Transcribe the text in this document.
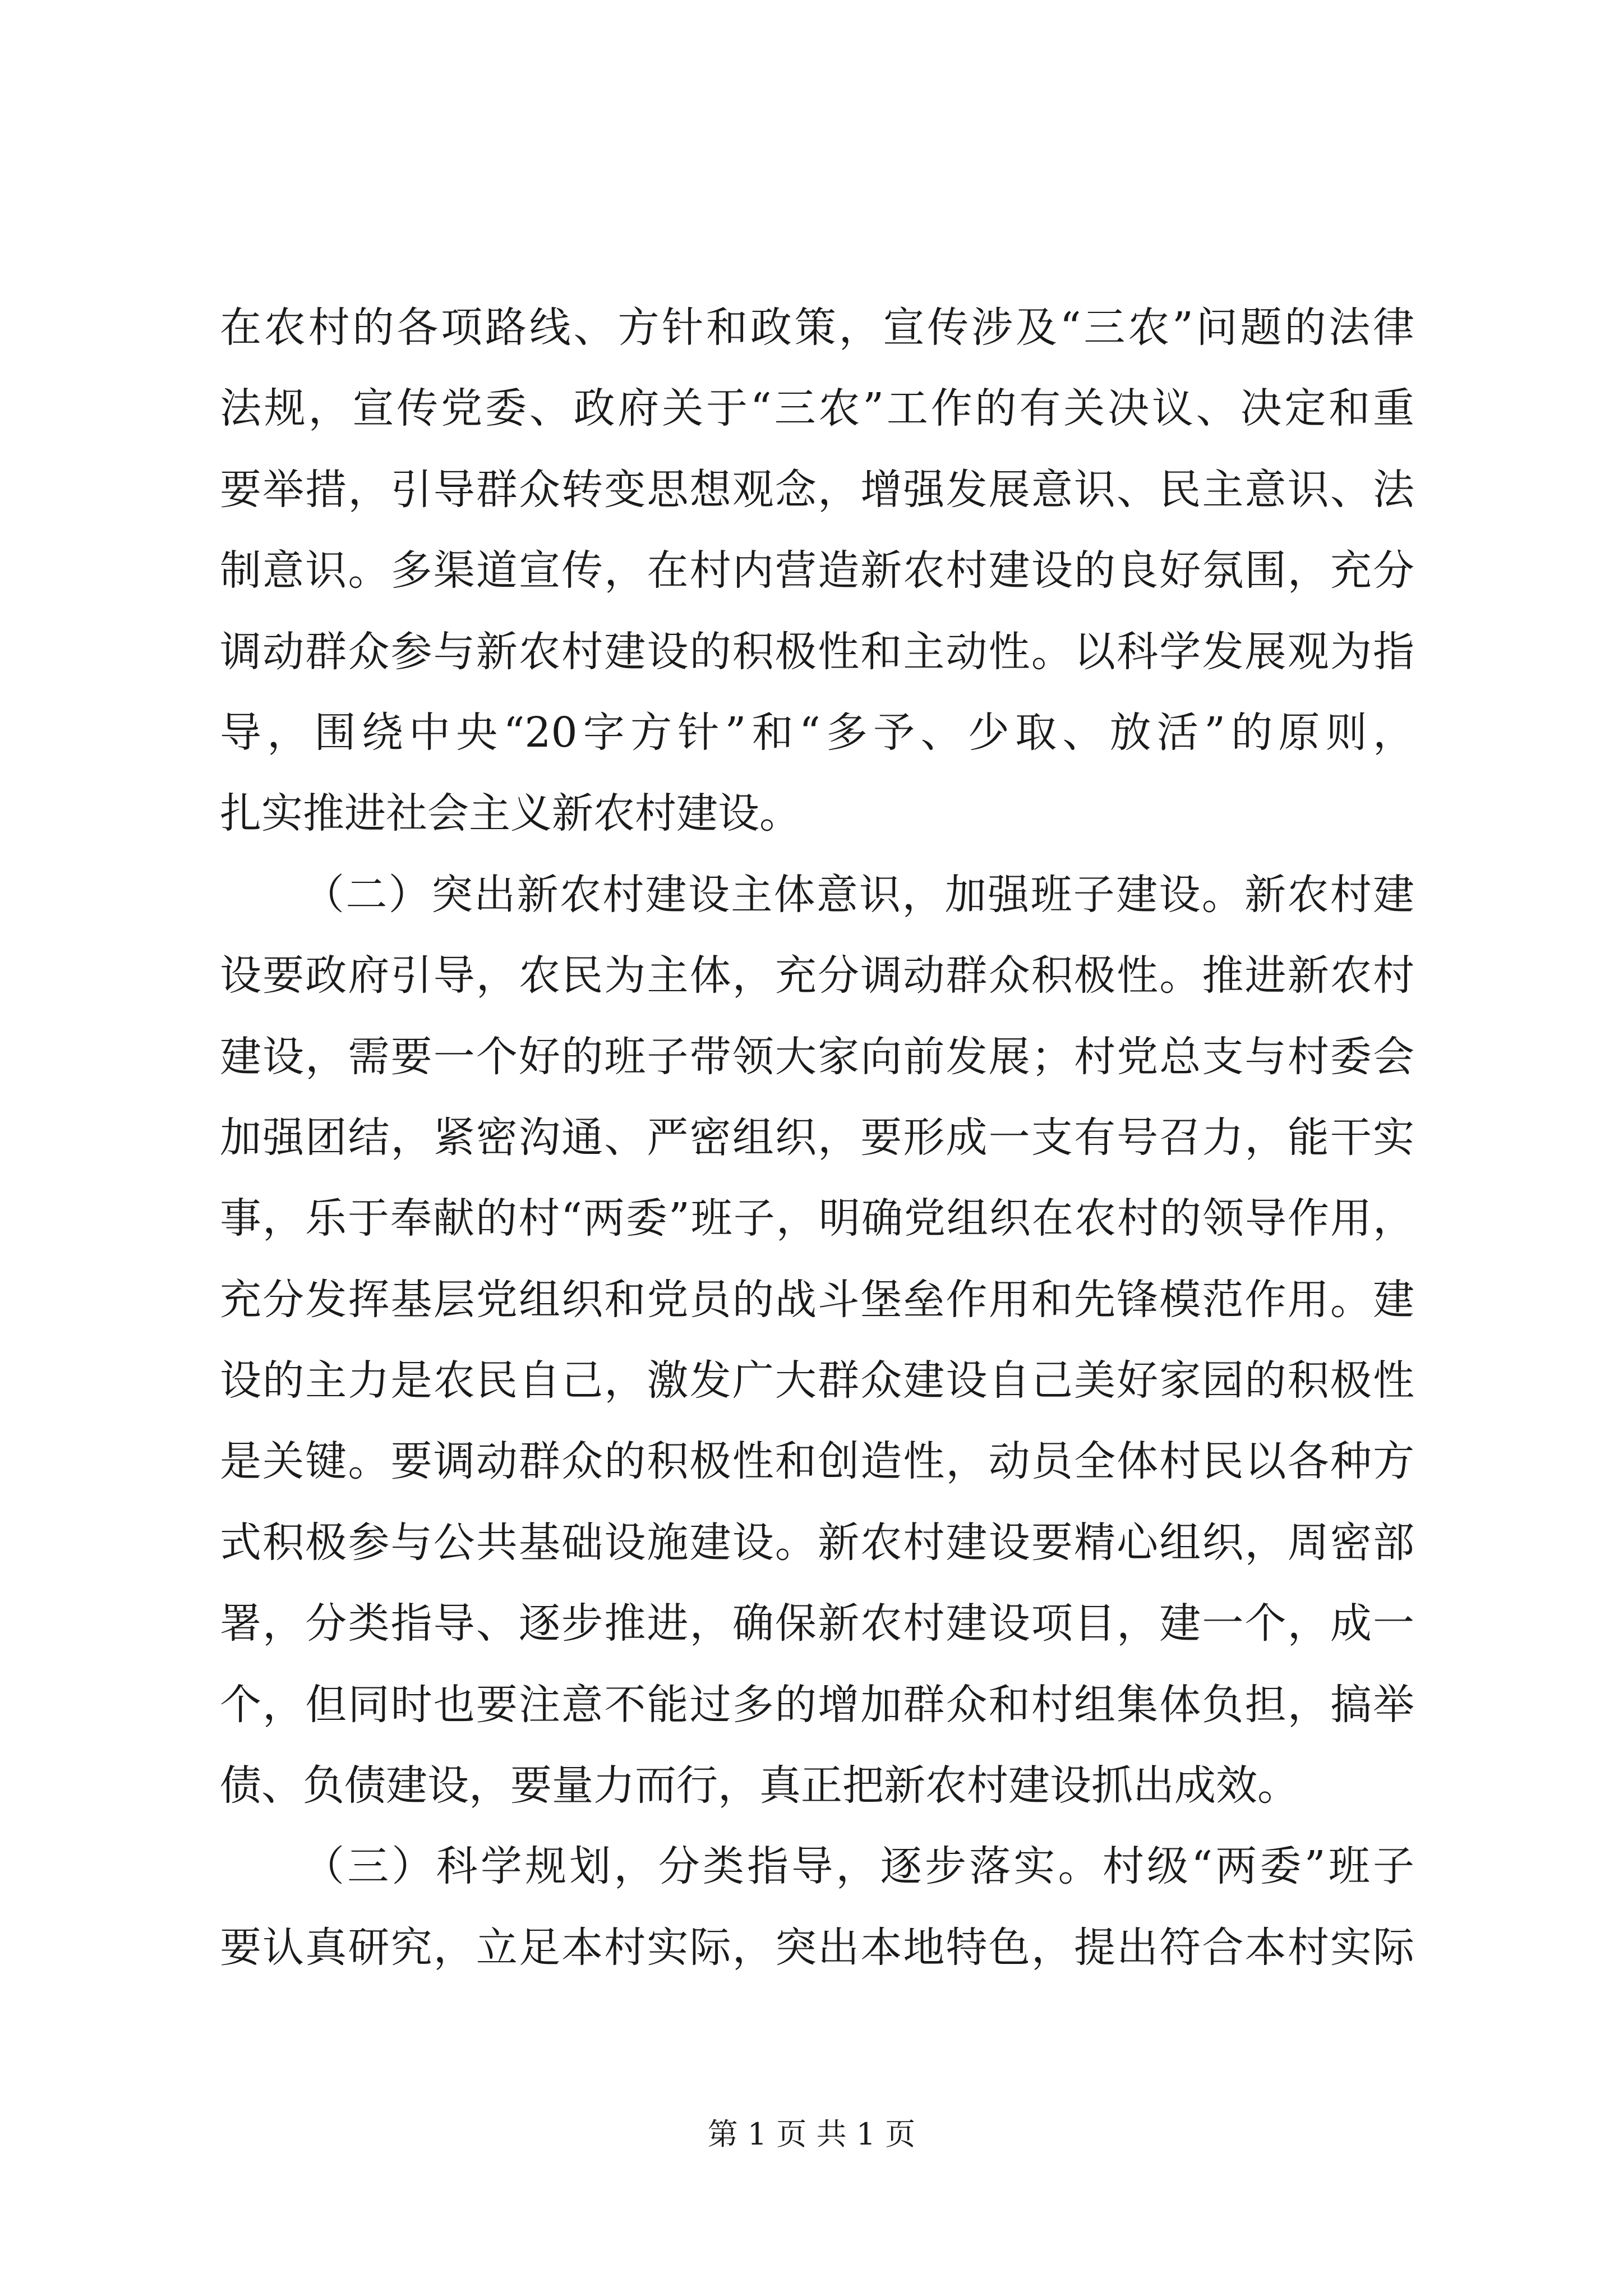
在农村的各项路线、方针和政策，宣传涉及“三农”问题的法律
法规，宣传党委、政府关于“三农”工作的有关决议、决定和重
要举措，引导群众转变思想观念，增强发展意识、民主意识、法
制意识。多渠道宣传，在村内营造新农村建设的良好氛围，充分
调动群众参与新农村建设的积极性和主动性。以科学发展观为指
导，围绕中央“20字方针”和“多予、少取、放活”的原则，
扎实推进社会主义新农村建设。
（二）突出新农村建设主体意识，加强班子建设。新农村建
设要政府引导，农民为主体，充分调动群众积极性。推进新农村
建设，需要一个好的班子带领大家向前发展；村党总支与村委会
加强团结，紧密沟通、严密组织，要形成一支有号召力，能干实
事，乐于奉献的村“两委”班子，明确党组织在农村的领导作用，
充分发挥基层党组织和党员的战斗堡垒作用和先锋模范作用。建
设的主力是农民自己，激发广大群众建设自己美好家园的积极性
是关键。要调动群众的积极性和创造性，动员全体村民以各种方
式积极参与公共基础设施建设。新农村建设要精心组织，周密部
署，分类指导、逐步推进，确保新农村建设项目，建一个，成一
个，但同时也要注意不能过多的增加群众和村组集体负担，搞举
债、负债建设，要量力而行，真正把新农村建设抓出成效。
（三）科学规划，分类指导，逐步落实。村级“两委”班子
要认真研究，立足本村实际，突出本地特色，提出符合本村实际
第 1 页 共 1 页
